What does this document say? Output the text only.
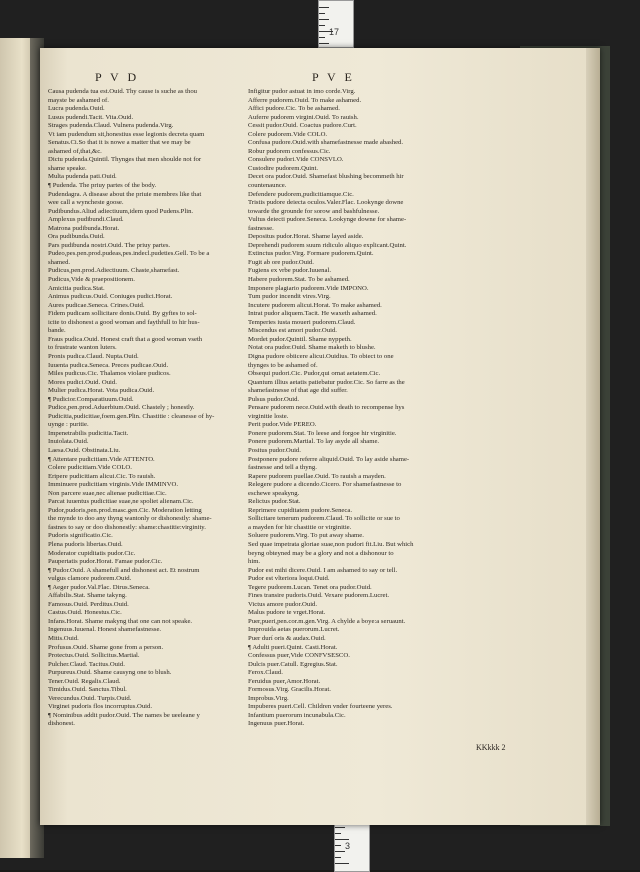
17
3
P V D	P V E
Causa pudenda tua est.Ouid. Thy cause is suche as thou
mayste be ashamed of.
Lucra pudenda.Ouid.
Lusus pudendi.Tacit. Vita.Ouid.
Strages pudenda.Claud. Vulnera pudenda.Virg.
Vt iam pudendum sit,honestius esse legionis decreta quam
Senatus.Ci.So that it is nowe a matter that we may be
ashamed of,that,&c.
Dictu pudenda.Quintil. Thynges that men shoulde not for
shame speake.
Multa pudenda pati.Ouid.
¶ Pudenda. The priuy partes of the body.
Pudendagra. A disease about the priuie membres like that
wee call a wyncheste goose.
Pudibundus.Aliud adiectiuum,idem quod Pudens.Plin.
Amplexus pudibundi.Claud.
Matrona pudibunda.Horat.
Ora pudibunda.Ouid.
Pars pudibunda nostri.Ouid. The priuy partes.
Pudeo,pes.pen.prod.pudeas,pes.indecl.pudeties.Gell. To be a
shamed.
Pudicus,pen.prod.Adiectiuum. Chaste,shamefast.
Pudicus,Vide & praepositionem.
Amicitia pudica.Stat.
Animus pudicus.Ouid. Coniuges pudici.Horat.
Aures pudicae.Seneca. Crines.Ouid.
Fidem pudicam sollicitare donis.Ouid. By gyftes to sol-
icite to dishonest a good woman and faythfull to hir hus-
bande.
Fraus pudica.Ouid. Honest craft that a good woman vseth
to frustrate wanton luters.
Pronis pudica.Claud. Nupta.Ouid.
Iuuenta pudica.Seneca. Preces pudicae.Ouid.
Miles pudicus.Cic. Thalamos violare pudicos.
Mores pudici.Ouid. Ouid.
Mulier pudica.Horat. Vota pudica.Ouid.
¶ Pudicior.Comparatiuum.Ouid.
Pudice,pen.prod.Aduerbium.Ouid. Chastely ; honestly.
Pudicitia,pudicitiae,foem.gen.Plin. Chastitie : cleanesse of hy-
uynge : puritie.
Impenetrabilis pudicitia.Tacit.
Inuiolata.Ouid.
Laesa.Ouid. Obstinata.Liu.
¶ Attentare pudicitiam.Vide ATTENTO.
Colere pudicitiam.Vide COLO.
Eripere pudicitiam alicui.Cic. To rauish.
Imminuere pudicitiam virginis.Vide IMMINVO.
Non parcere suae,nec alienae pudicitiae.Cic.
Parcat iuuentus pudicitiae suae,ne spoliet alienam.Cic.
Pudor,pudoris,pen.prod.masc.gen.Cic. Moderation letting
the mynde to doo any thyng wantonly or dishonestly: shame-
fastnes to say or doo dishonestly: shame:chastitie:virginity.
Pudoris significatio.Cic.
Plena pudoris libertas.Ouid.
Moderator cupiditatis pudor.Cic.
Paupertatis pudor.Horat. Famae pudor.Cic.
¶ Pudor.Ouid. A shamefull and dishonest act. Et nostrum
vulgus clamore pudorem.Ouid.
¶ Aeger pudor.Val.Flac. Dirus.Seneca.
Affabilis.Stat. Shame takyng.
Famosus.Ouid. Perditus.Ouid.
Castus.Ouid. Honestus.Cic.
Infans.Horat. Shame makyng that one can not speake.
Ingenuus.Iuuenal. Honest shamefastnesse.
Mitis.Ouid.
Profusus.Ouid. Shame gone from a person.
Protectus.Ouid. Sollicitus.Martial.
Pulcher.Claud. Tacitus.Ouid.
Purpureus.Ouid. Shame causyng one to blush.
Tener.Ouid. Regalis.Claud.
Timidus.Ouid. Sanctus.Tibul.
Verecundus.Ouid. Turpis.Ouid.
Virginei pudoris flos incorruptus.Ouid.
¶ Nominibus addit pudor.Ouid. The names be ueeleane y
dishonest.
Infigitur pudor astuat in imo corde.Virg.
Afferre pudorem.Ouid. To make ashamed.
Affici pudore.Cic. To be ashamed.
Auferre pudorem virgini.Ouid. To rauish.
Cessit pudor.Ouid. Coactus pudore.Curt.
Colere pudorem.Vide COLO.
Confusa pudore.Ouid.with shamefastnesse made abashed.
Robur pudorem confessus.Cic.
Consulere pudori.Vide CONSVLO.
Custodire pudorem.Quint.
Decet ora pudor.Ouid. Shamefast blushing becommeth hir
countenaunce.
Defendere pudorem,pudicitiamque.Cic.
Tristis pudore deiecta oculos.Valer.Flac. Lookynge downe
towarde the grounde for sorow and bashfulnesse.
Vultus deiecti pudore.Seneca. Lookynge downe for shame-
fastnesse.
Depositus pudor.Horat. Shame layed aside.
Deprehendi pudorem suum ridiculo aliquo explicant.Quint.
Extinctus pudor.Virg. Formare pudorem.Quint.
Fugit ab ore pudor.Ouid.
Fugiens ex vrbe pudor.Iuuenal.
Habere pudorem.Stat. To be ashamed.
Imponere plagiario pudorem.Vide IMPONO.
Tum pudor incendit vires.Virg.
Incutere pudorem alicui.Horat. To make ashamed.
Intrat pudor aliquem.Tacit. He waxeth ashamed.
Temperies iusta moueri pudorem.Claud.
Miscendus est amori pudor.Ouid.
Mordet pudor.Quintil. Shame nyppeth.
Notat ora pudor.Ouid. Shame maketh to blushe.
Digna pudore obiicere alicui.Ouidius. To obiect to one
thynges to be ashamed of.
Obsequi pudori.Cic. Pudor,qui ornat aetatem.Cic.
Quantum illius aetatis patiebatur pudor.Cic. So farre as the
shamefastnesse of that age did suffer.
Pulsus pudor.Ouid.
Pensare pudorem nece.Ouid.with death to recompense hys
virginitie loste.
Perit pudor.Vide PEREO.
Ponere pudorem.Stat. To leese and forgoe hir virginitie.
Ponere pudorem.Martial. To lay asyde all shame.
Positus pudor.Ouid.
Postponere pudore referre aliquid.Ouid. To lay aside shame-
fastnesse and tell a thyng.
Rapere pudorem puellae.Ouid. To rauish a mayden.
Relegere pudore a dicendo.Cicero. For shamefastnesse to
eschewe speakyng.
Relictus pudor.Stat.
Reprimere cupiditatem pudore.Seneca.
Sollicitare tenerum pudorem.Claud. To sollicite or sue to
a mayden for hir chastitie or virginitie.
Soluere pudorem.Virg. To put away shame.
Sed quae impetrata gloriae suae,non pudori fit.Liu. But which
beyng obteyned may be a glory and not a dishonour to
him.
Pudor est mihi dicere.Ouid. I am ashamed to say or tell.
Pudor est vlteriora loqui.Ouid.
Tegere pudorem.Lucan. Tenet ora pudor.Ouid.
Fines transire pudoris.Ouid. Vexare pudorem.Lucret.
Victus amore pudor.Ouid.
Malus pudore te vrget.Horat.
Puer,pueri,pen.cor.m.gen.Virg. A chylde a boye:a seruaunt.
Improuida aetas puerorum.Lucret.
Puer durí oris & audax.Ouid.
¶ Adulti pueri.Quint. Casti.Horat.
Confessus puer,Vide CONFVSESCO.
Dulcis puer.Catull. Egregius.Stat.
Ferox.Claud.
Feruidus puer,Amor.Horat.
Formosus.Virg. Gracilis.Horat.
Improbus.Virg.
Impuberes pueri.Cell. Children vnder fourteene yeres.
Infantium puerorum incunabula.Cic.
Ingenuus puer.Horat.
KKkkk 2
